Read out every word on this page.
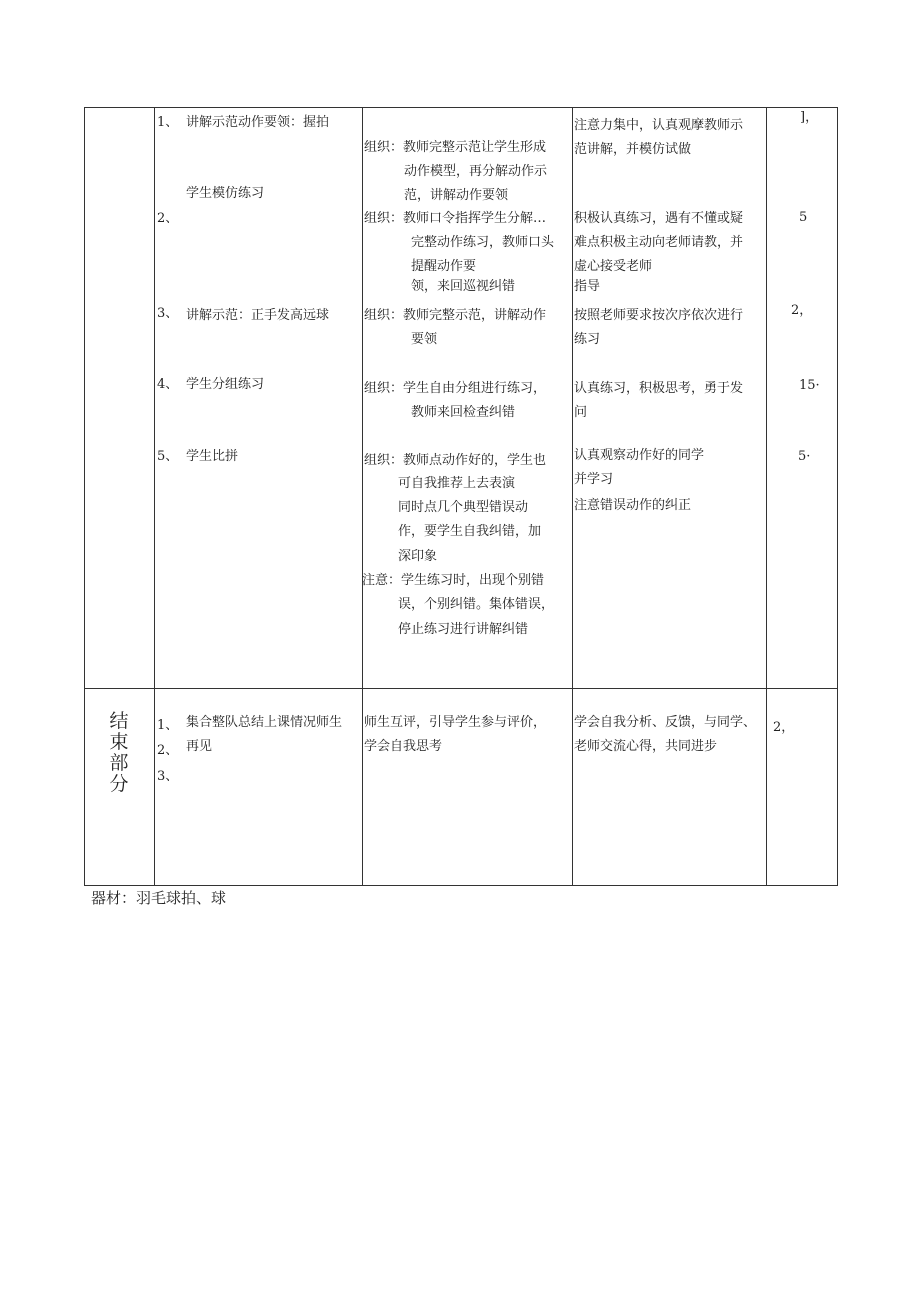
1、 讲解示范动作要领：握拍
学生模仿练习
2、
3、 讲解示范：正手发高远球
4、 学生分组练习
5、 学生比拼
组织：教师完整示范让学生形成
动作模型，再分解动作示
范，讲解动作要领
组织：教师口令指挥学生分解…
完整动作练习，教师口头
提醒动作要
领，来回巡视纠错
组织：教师完整示范，讲解动作
要领
组织：学生自由分组进行练习，
教师来回检查纠错
组织：教师点动作好的，学生也
可自我推荐上去表演
同时点几个典型错误动
作，要学生自我纠错，加
深印象
注意：学生练习时，出现个别错
误，个别纠错。集体错误，
停止练习进行讲解纠错
注意力集中，认真观摩教师示
范讲解，并模仿试做
积极认真练习，遇有不懂或疑
难点积极主动向老师请教，并
虚心接受老师
指导
按照老师要求按次序依次进行
练习
认真练习，积极思考，勇于发
问
认真观察动作好的同学
并学习
注意错误动作的纠正
]，
5
2，
15·
5·
结
束
部
分
1、
2、
3、
集合整队总结上课情况师生
再见
师生互评，引导学生参与评价，
学会自我思考
学会自我分析、反馈，与同学、
老师交流心得，共同进步
2，
器材：羽毛球拍、球
